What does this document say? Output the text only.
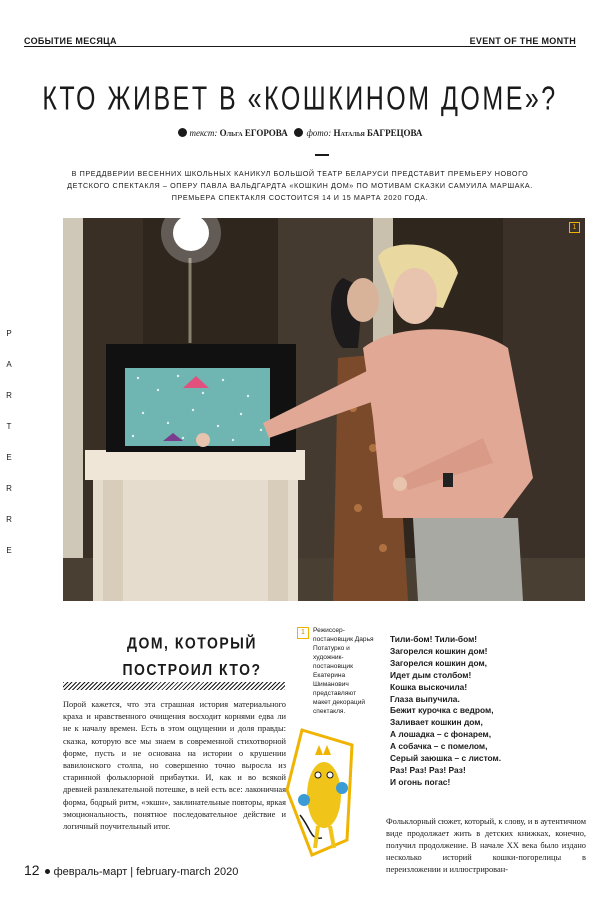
СОБЫТИЕ МЕСЯЦА	EVENT OF THE MONTH
КТО ЖИВЕТ В «КОШКИНОМ ДОМЕ»?
текст: Ольга ЕГОРОВА фото: Наталья БАГРЕЦОВА
В ПРЕДДВЕРИИ ВЕСЕННИХ ШКОЛЬНЫХ КАНИКУЛ БОЛЬШОЙ ТЕАТР БЕЛАРУСИ ПРЕДСТАВИТ ПРЕМЬЕРУ НОВОГО ДЕТСКОГО СПЕКТАКЛЯ – ОПЕРУ ПАВЛА ВАЛЬДГАРДТА «КОШКИН ДОМ» ПО МОТИВАМ СКАЗКИ САМУИЛА МАРШАКА. ПРЕМЬЕРА СПЕКТАКЛЯ СОСТОИТСЯ 14 И 15 МАРТА 2020 ГОДА.
P
A
R
T
E
R
R
E
1
ДОМ, КОТОРЫЙ
ПОСТРОИЛ КТО?
Порой кажется, что эта страшная история материального краха и нравственного очищения восходит корнями едва ли не к началу времен. Есть в этом ощущении и доля правды: сказка, которую все мы знаем в современной стихотворной форме, пусть и не основана на истории о крушении вавилонского столпа, но совершенно точно выросла из старинной фольклорной прибаутки. И, как и во всякой древней развлекательной потешке, в ней есть все: лаконичная форма, бодрый ритм, «экшн», заклинательные повторы, яркая эмоциональность, понятное последовательное действие и логичный поучительный итог.
1	Режиссер-постановщик Дарья Потатурко и художник-постановщик Екатерина Шиманович представляют макет декораций спектакля.
Тили-бом! Тили-бом!
Загорелся кошкин дом!
Загорелся кошкин дом,
Идет дым столбом!
Кошка выскочила!
Глаза выпучила.
Бежит курочка с ведром,
Заливает кошкин дом,
А лошадка – с фонарем,
А собачка – с помелом,
Серый заюшка – с листом.
Раз! Раз! Раз! Раз!
И огонь погас!
Фольклорный сюжет, который, к слову, и в аутентичном виде продолжает жить в детских книжках, конечно, получил продолжение. В начале XX века было издано несколько историй кошки-погорелицы в переизложении и иллюстрирован-
12 февраль-март | february-march 2020
